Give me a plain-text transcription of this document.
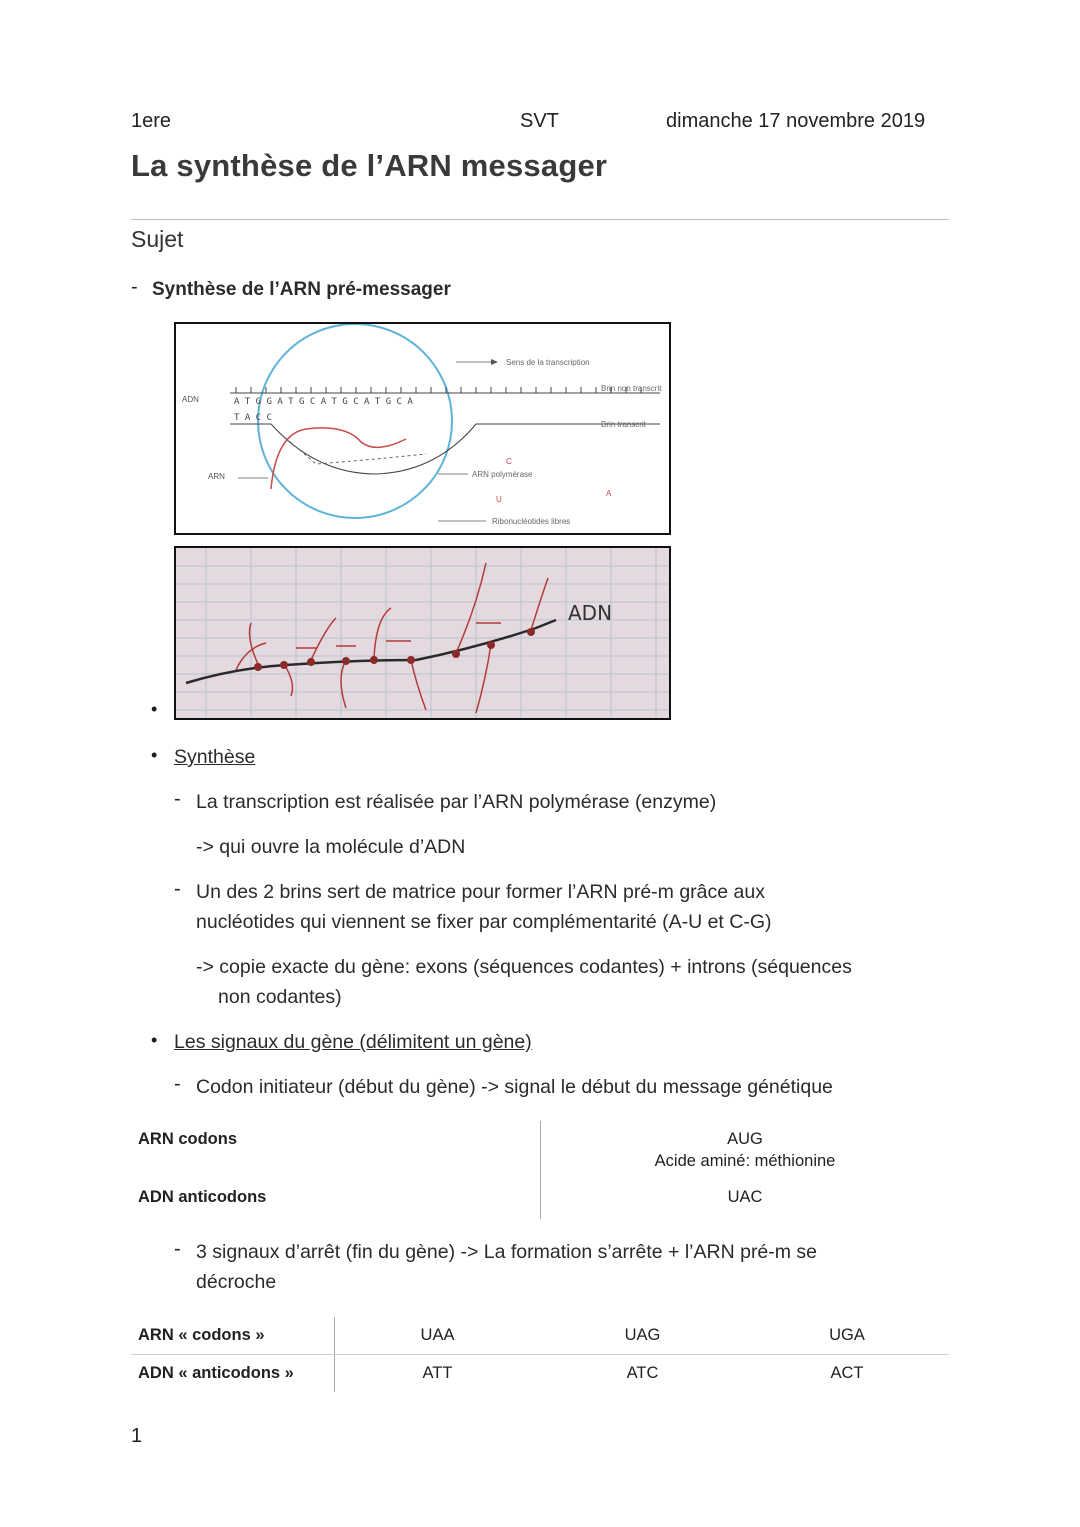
1ere	SVT	dimanche 17 novembre 2019
La synthèse de l’ARN messager
Sujet
- Synthèse de l’ARN pré-messager
A T G G A T G C A T G C A T G C A
T A C C
C
U
A
ADN
ARN
Sens de la transcription
Brin non transcrit
Brin transcrit
ARN polymérase
Ribonucléotides libres
•
ADN
• Synthèse
- La transcription est réalisée par l’ARN polymérase (enzyme)
-> qui ouvre la molécule d’ADN
- Un des 2 brins sert de matrice pour former l’ARN pré-m grâce aux
nucléotides qui viennent se fixer par complémentarité (A-U et C-G)
-> copie exacte du gène: exons (séquences codantes) + introns (séquences
non codantes)
• Les signaux du gène (délimitent un gène)
- Codon initiateur (début du gène) -> signal le début du message génétique
ARN codons	AUG
Acide aminé: méthionine
ADN anticodons	UAC
- 3 signaux d’arrêt (fin du gène) -> La formation s’arrête + l’ARN pré-m se
décroche
ARN « codons »	UAA	UAG	UGA
ADN « anticodons »	ATT	ATC	ACT
1
